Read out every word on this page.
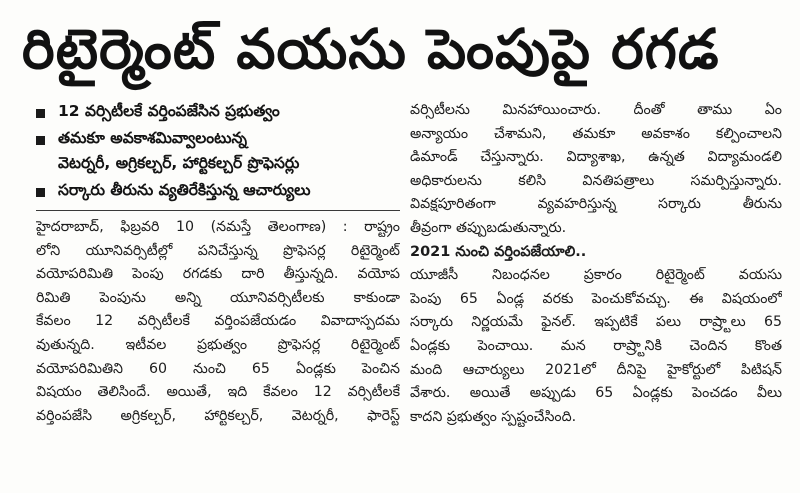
రిటైర్మెంట్ వయసు పెంపుపై రగడ
12 వర్సిటీలకే వర్తింపజేసిన ప్రభుత్వం
తమకూ అవకాశమివ్వాలంటున్న
వెటర్నరీ, అగ్రికల్చర్, హార్టికల్చర్ ప్రొఫెసర్లు
సర్కారు తీరును వ్యతిరేకిస్తున్న ఆచార్యులు
హైదరాబాద్, ఫిబ్రవరి 10 (నమస్తే తెలంగాణ) : రాష్ట్రం
లోని యూనివర్సిటీల్లో పనిచేస్తున్న ప్రొఫెసర్ల రిటైర్మెంట్
వయోపరిమితి పెంపు రగడకు దారి తీస్తున్నది. వయోప
రిమితి పెంపును అన్ని యూనివర్సిటీలకు కాకుండా
కేవలం 12 వర్సిటీలకే వర్తింపజేయడం వివాదాస్పదమ
వుతున్నది. ఇటీవల ప్రభుత్వం ప్రొఫెసర్ల రిటైర్మెంట్
వయోపరిమితిని 60 నుంచి 65 ఏండ్లకు పెంచిన
విషయం తెలిసిందే. అయితే, ఇది కేవలం 12 వర్సిటీలకే
వర్తింపజేసి అగ్రికల్చర్, హార్టికల్చర్, వెటర్నరీ, ఫారెస్ట్
వర్సిటీలను మినహాయించారు. దీంతో తాము ఏం
అన్యాయం చేశామని, తమకూ అవకాశం కల్పించాలని
డిమాండ్ చేస్తున్నారు. విద్యాశాఖ, ఉన్నత విద్యామండలి
అధికారులను కలిసి వినతిపత్రాలు సమర్పిస్తున్నారు.
వివక్షపూరితంగా వ్యవహరిస్తున్న సర్కారు తీరును
తీవ్రంగా తప్పుబడుతున్నారు.
2021 నుంచి వర్తింపజేయాలి..
యూజీసీ నిబంధనల ప్రకారం రిటైర్మెంట్ వయసు
పెంపు 65 ఏండ్ల వరకు పెంచుకోవచ్చు. ఈ విషయంలో
సర్కారు నిర్ణయమే ఫైనల్. ఇప్పటికే పలు రాష్ర్టాలు 65
ఏండ్లకు పెంచాయి. మన రాష్ర్టానికి చెందిన కొంత
మంది ఆచార్యులు 2021లో దీనిపై హైకోర్టులో పిటిషన్
వేశారు. అయితే అప్పుడు 65 ఏండ్లకు పెంచడం వీలు
కాదని ప్రభుత్వం స్పష్టంచేసింది.
